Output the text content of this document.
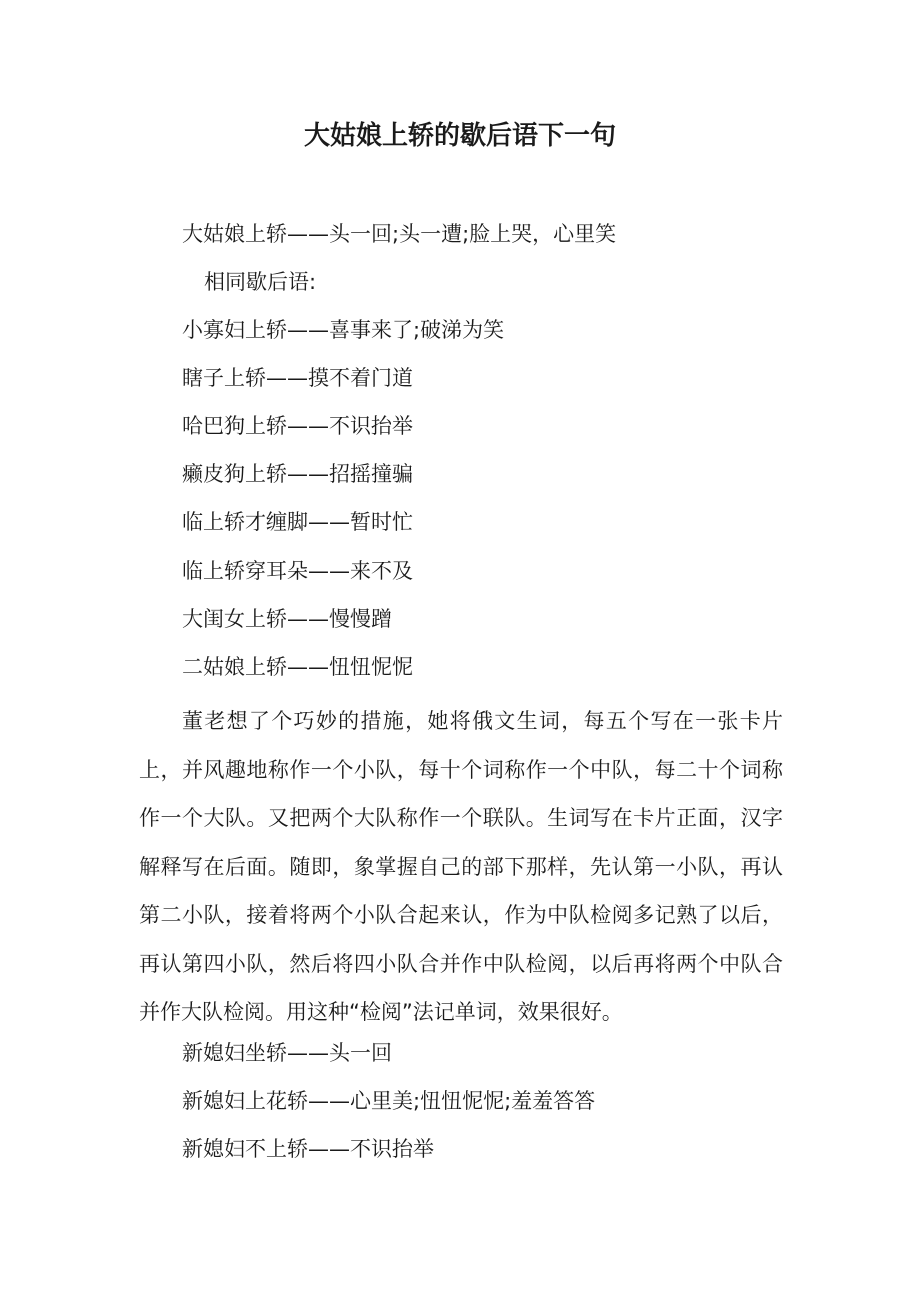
大姑娘上轿的歇后语下一句

大姑娘上轿——头一回;头一遭;脸上哭，心里笑

相同歇后语:

小寡妇上轿——喜事来了;破涕为笑

瞎子上轿——摸不着门道

哈巴狗上轿——不识抬举

癞皮狗上轿——招摇撞骗

临上轿才缠脚——暂时忙

临上轿穿耳朵——来不及

大闺女上轿——慢慢蹭

二姑娘上轿——忸忸怩怩

董老想了个巧妙的措施，她将俄文生词，每五个写在一张卡片上，并风趣地称作一个小队，每十个词称作一个中队，每二十个词称作一个大队。又把两个大队称作一个联队。生词写在卡片正面，汉字解释写在后面。随即，象掌握自己的部下那样，先认第一小队，再认第二小队，接着将两个小队合起来认，作为中队检阅多记熟了以后，再认第四小队，然后将四小队合并作中队检阅，以后再将两个中队合并作大队检阅。用这种“检阅”法记单词，效果很好。

新媳妇坐轿——头一回

新媳妇上花轿——心里美;忸忸怩怩;羞羞答答

新媳妇不上轿——不识抬举
